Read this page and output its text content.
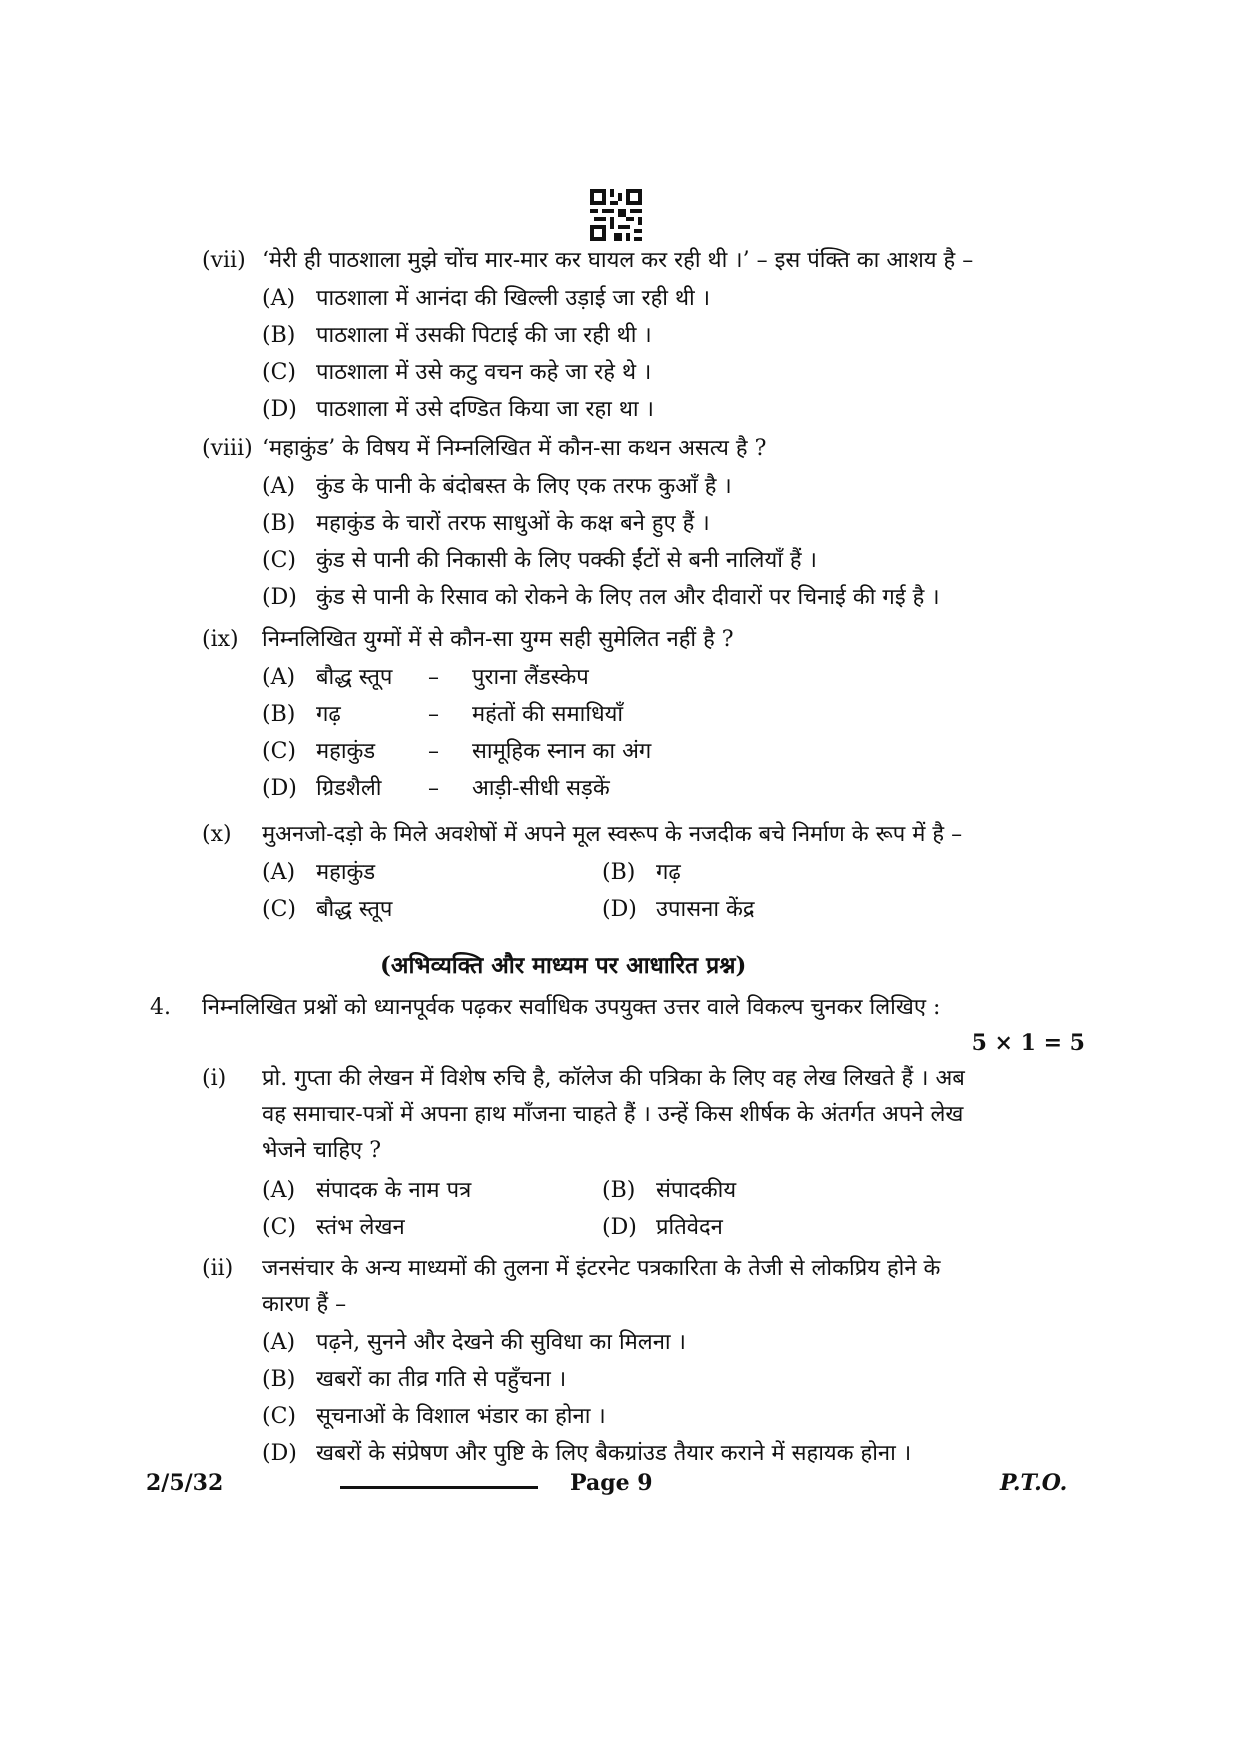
(vii) ‘मेरी ही पाठशाला मुझे चोंच मार-मार कर घायल कर रही थी ।’ – इस पंक्ति का आशय है –
(A) पाठशाला में आनंदा की खिल्ली उड़ाई जा रही थी ।
(B) पाठशाला में उसकी पिटाई की जा रही थी ।
(C) पाठशाला में उसे कटु वचन कहे जा रहे थे ।
(D) पाठशाला में उसे दण्डित किया जा रहा था ।
(viii) ‘महाकुंड’ के विषय में निम्नलिखित में कौन-सा कथन असत्य है ?
(A) कुंड के पानी के बंदोबस्त के लिए एक तरफ कुआँ है ।
(B) महाकुंड के चारों तरफ साधुओं के कक्ष बने हुए हैं ।
(C) कुंड से पानी की निकासी के लिए पक्की ईंटों से बनी नालियाँ हैं ।
(D) कुंड से पानी के रिसाव को रोकने के लिए तल और दीवारों पर चिनाई की गई है ।
(ix) निम्नलिखित युग्मों में से कौन-सा युग्म सही सुमेलित नहीं है ?
(A) बौद्ध स्तूप – पुराना लैंडस्केप
(B) गढ़	– महंतों की समाधियाँ
(C) महाकुंड – सामूहिक स्नान का अंग
(D) ग्रिडशैली – आड़ी-सीधी सड़कें
(x) मुअनजो-दड़ो के मिले अवशेषों में अपने मूल स्वरूप के नजदीक बचे निर्माण के रूप में है –
(A) महाकुंड	(B) गढ़
(C) बौद्ध स्तूप	(D) उपासना केंद्र
(अभिव्यक्ति और माध्यम पर आधारित प्रश्न)
4. निम्नलिखित प्रश्नों को ध्यानपूर्वक पढ़कर सर्वाधिक उपयुक्त उत्तर वाले विकल्प चुनकर लिखिए :
5 × 1 = 5
(i) प्रो. गुप्ता की लेखन में विशेष रुचि है, कॉलेज की पत्रिका के लिए वह लेख लिखते हैं । अब
वह समाचार-पत्रों में अपना हाथ माँजना चाहते हैं । उन्हें किस शीर्षक के अंतर्गत अपने लेख
भेजने चाहिए ?
(A) संपादक के नाम पत्र	(B) संपादकीय
(C) स्तंभ लेखन	(D) प्रतिवेदन
(ii) जनसंचार के अन्य माध्यमों की तुलना में इंटरनेट पत्रकारिता के तेजी से लोकप्रिय होने के
कारण हैं –
(A) पढ़ने, सुनने और देखने की सुविधा का मिलना ।
(B) खबरों का तीव्र गति से पहुँचना ।
(C) सूचनाओं के विशाल भंडार का होना ।
(D) खबरों के संप्रेषण और पुष्टि के लिए बैकग्रांउड तैयार कराने में सहायक होना ।
2/5/32	Page 9	P.T.O.
